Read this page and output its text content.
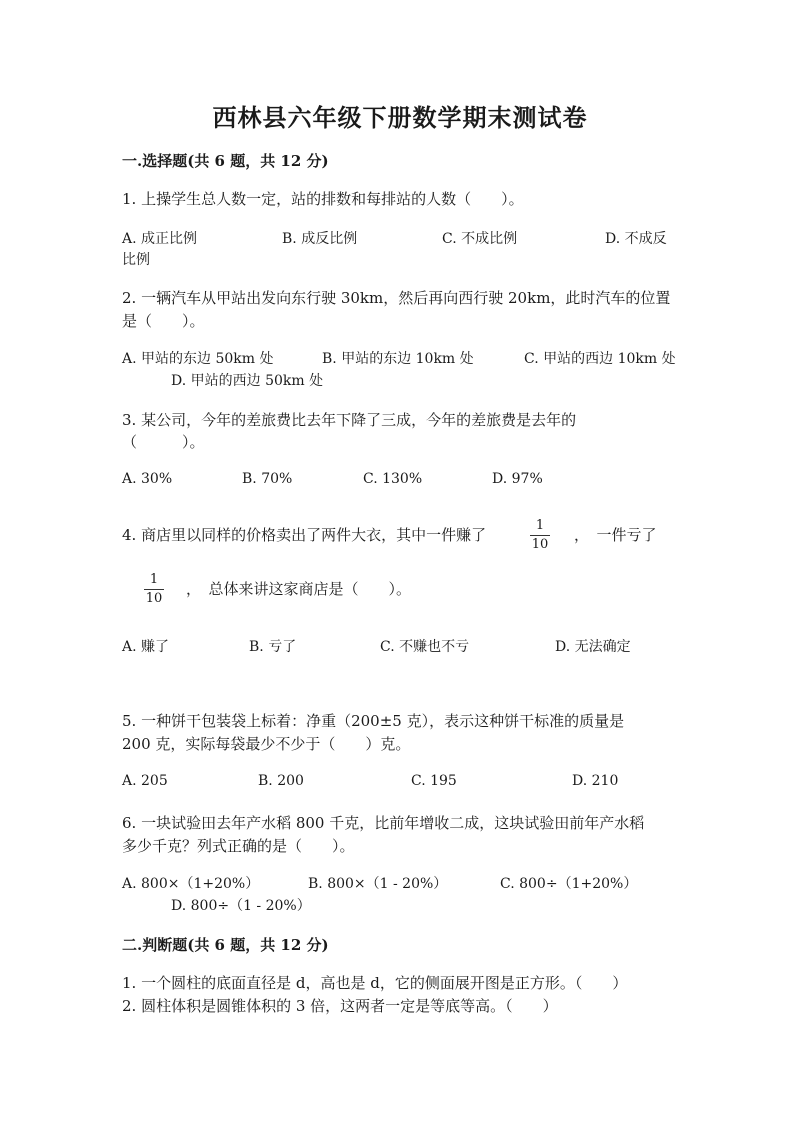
西林县六年级下册数学期末测试卷
一.选择题(共 6 题，共 12 分)
1. 上操学生总人数一定，站的排数和每排站的人数（　　）。
A. 成正比例	B. 成反比例	C. 不成比例	D. 不成反
比例
2. 一辆汽车从甲站出发向东行驶 30km，然后再向西行驶 20km，此时汽车的位置
是（　　）。
A. 甲站的东边 50km 处	B. 甲站的东边 10km 处	C. 甲站的西边 10km 处
D. 甲站的西边 50km 处
3. 某公司，今年的差旅费比去年下降了三成，今年的差旅费是去年的
（　　　）。
A. 30%	B. 70%	C. 130%	D. 97%
4. 商店里以同样的价格卖出了两件大衣，其中一件赚了
1
10
，　一件亏了
1
10
，　总体来讲这家商店是（　　）。
A. 赚了	B. 亏了	C. 不赚也不亏	D. 无法确定
5. 一种饼干包装袋上标着：净重（200±5 克），表示这种饼干标准的质量是
200 克，实际每袋最少不少于（　　）克。
A. 205	B. 200	C. 195	D. 210
6. 一块试验田去年产水稻 800 千克，比前年增收二成，这块试验田前年产水稻
多少千克？列式正确的是（　　）。
A. 800×（1+20%）	B. 800×（1 - 20%）	C. 800÷（1+20%）
D. 800÷（1 - 20%）
二.判断题(共 6 题，共 12 分)
1. 一个圆柱的底面直径是 d，高也是 d，它的侧面展开图是正方形。（　　）
2. 圆柱体积是圆锥体积的 3 倍，这两者一定是等底等高。（　　）
